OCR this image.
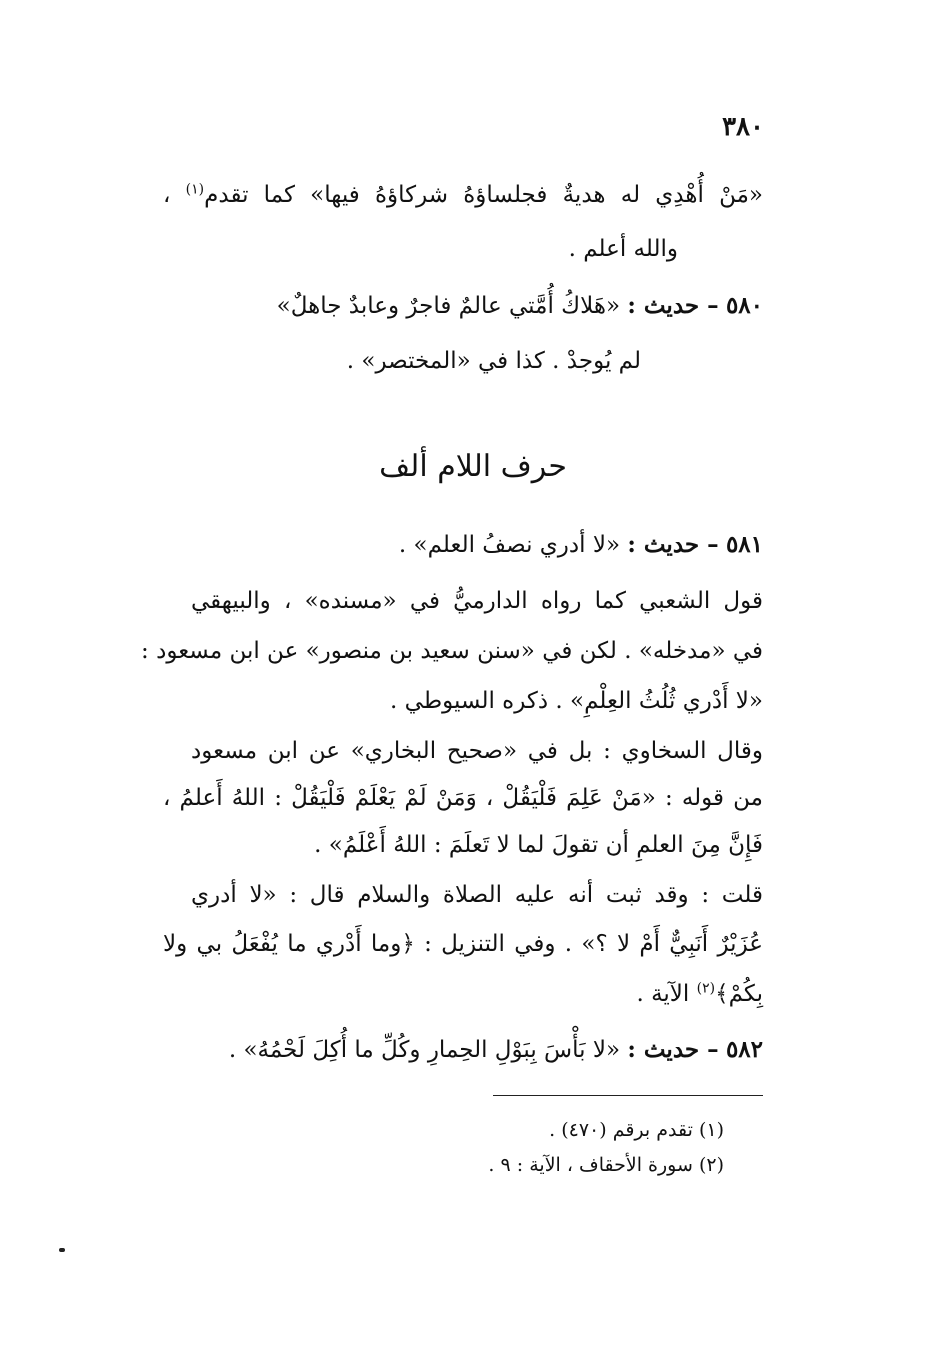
٣٨٠
«مَنْ أُهْدِي له هديةٌ فجلساؤهُ شركاؤهُ فيها» كما تقدم$^{(١)}$ ،
والله أعلم .
٥٨٠ – حديث : «هَلاكُ أُمَّتي عالمٌ فاجرٌ وعابدٌ جاهلٌ»
لم يُوجدْ . كذا في «المختصر» .
حرف اللام ألف
٥٨١ – حديث : «لا أدري نصفُ العلم» .
قول الشعبي كما رواه الدارميُّ في «مسنده» ، والبيهقي
في «مدخله» . لكن في «سنن سعيد بن منصور» عن ابن مسعود :
«لا أَدْري ثُلُثُ العِلْمِ» . ذكره السيوطي .
وقال السخاوي : بل في «صحيح البخاري» عن ابن مسعود
من قوله : «مَنْ عَلِمَ فَلْيَقُلْ ، وَمَنْ لَمْ يَعْلَمْ فَلْيَقُلْ : اللهُ أَعلمُ ،
فَإِنَّ مِنَ العلمِ أن تقولَ لما لا تَعلَمَ : اللهُ أَعْلَمُ» .
قلت : وقد ثبت أنه عليه الصلاة والسلام قال : «لا أدري
عُزَيْرٌ أَنَبِيٌّ أَمْ لا ؟» . وفي التنزيل : ﴿وما أَدْري ما يُفْعَلُ بي ولا
بِكُمْ﴾$^{(٢)}$ الآية .
٥٨٢ – حديث : «لا بَأْسَ بِبَوْلِ الحِمارِ وكُلِّ ما أُكِلَ لَحْمُهُ» .
(١) تقدم برقم (٤٧٠) .
(٢) سورة الأحقاف ، الآية : ٩ .
